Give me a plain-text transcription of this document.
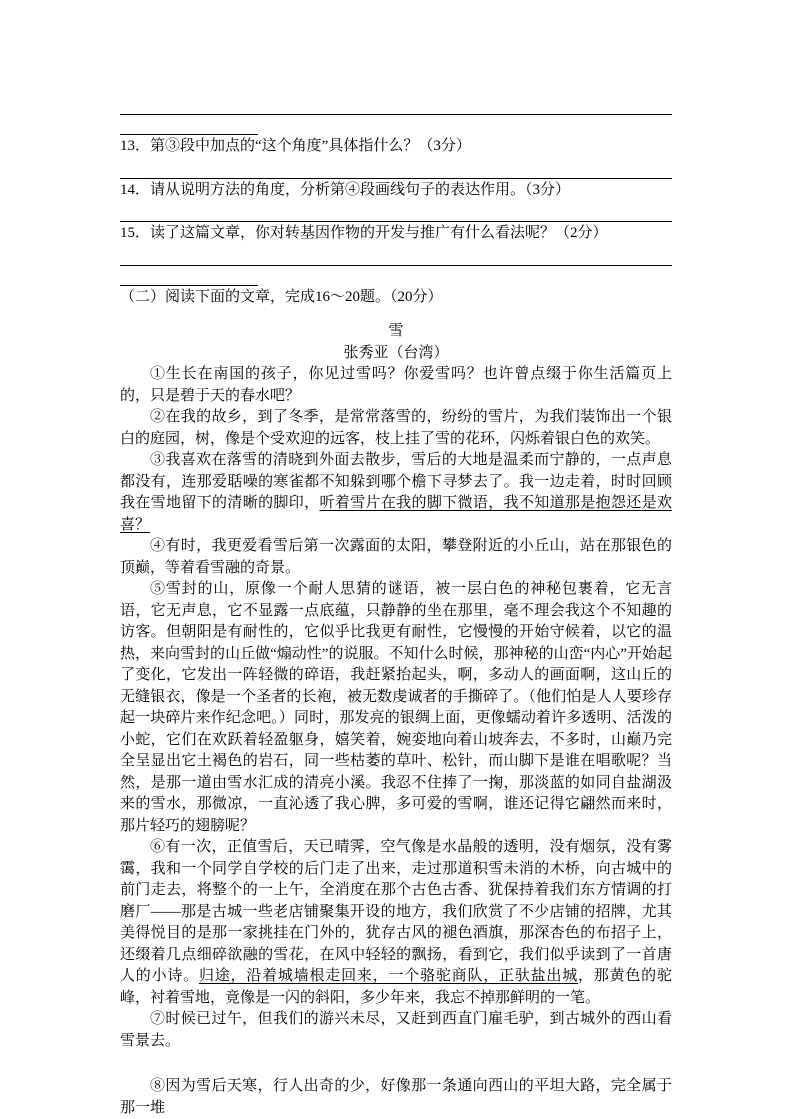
13．第③段中加点的“这个角度”具体指什么？（3分）

14．请从说明方法的角度，分析第④段画线句子的表达作用。（3分）

15．读了这篇文章，你对转基因作物的开发与推广有什么看法呢？（2分）

（二）阅读下面的文章，完成16～20题。（20分）

雪

张秀亚（台湾）

①生长在南国的孩子，你见过雪吗？你爱雪吗？也许曾点缀于你生活篇页上的，只是碧于天的春水吧？

②在我的故乡，到了冬季，是常常落雪的，纷纷的雪片，为我们装饰出一个银白的庭园，树，像是个受欢迎的远客，枝上挂了雪的花环，闪烁着银白色的欢笑。

③我喜欢在落雪的清晓到外面去散步，雪后的大地是温柔而宁静的，一点声息都没有，连那爱聒噪的寒雀都不知躲到哪个檐下寻梦去了。我一边走着，时时回顾我在雪地留下的清晰的脚印，听着雪片在我的脚下微语，我不知道那是抱怨还是欢喜？

④有时，我更爱看雪后第一次露面的太阳，攀登附近的小丘山，站在那银色的顶巅，等着看雪融的奇景。

⑤雪封的山，原像一个耐人思猜的谜语，被一层白色的神秘包裹着，它无言语，它无声息，它不显露一点底蕴，只静静的坐在那里，毫不理会我这个不知趣的访客。但朝阳是有耐性的，它似乎比我更有耐性，它慢慢的开始守候着，以它的温热，来向雪封的山丘做“煽动性”的说服。不知什么时候，那神秘的山峦“内心”开始起了变化，它发出一阵轻微的碎语，我赶紧抬起头，啊，多动人的画面啊，这山丘的无缝银衣，像是一个圣者的长袍，被无数虔诚者的手撕碎了。（他们怕是人人要珍存起一块碎片来作纪念吧。）同时，那发亮的银绸上面，更像蠕动着许多透明、活泼的小蛇，它们在欢跃着轻盈躯身，嬉笑着，婉娈地向着山坡奔去，不多时，山巅乃完全呈显出它土褐色的岩石，同一些枯萎的草叶、松针，而山脚下是谁在唱歌呢？当然，是那一道由雪水汇成的清亮小溪。我忍不住捧了一掬，那淡蓝的如同自盐湖汲来的雪水，那微凉，一直沁透了我心脾，多可爱的雪啊，谁还记得它翩然而来时，那片轻巧的翅膀呢？

⑥有一次，正值雪后，天已晴霁，空气像是水晶般的透明，没有烟氛，没有雾霭，我和一个同学自学校的后门走了出来，走过那道积雪未消的木桥，向古城中的前门走去，将整个的一上午，全消度在那个古色古香、犹保持着我们东方情调的打磨厂——那是古城一些老店铺聚集开设的地方，我们欣赏了不少店铺的招牌，尤其美得悦目的是那一家挑挂在门外的，犹存古风的褪色酒旗，那深杏色的布招子上，还缀着几点细碎欲融的雪花，在风中轻轻的飘扬，看到它，我们似乎读到了一首唐人的小诗。归途，沿着城墙根走回来，一个骆驼商队，正驮盐出城，那黄色的驼峰，衬着雪地，竟像是一闪的斜阳，多少年来，我忘不掉那鲜明的一笔。

⑦时候已过午，但我们的游兴未尽，又赶到西直门雇毛驴，到古城外的西山看雪景去。

⑧因为雪后天寒，行人出奇的少，好像那一条通向西山的平坦大路，完全属于那一堆
